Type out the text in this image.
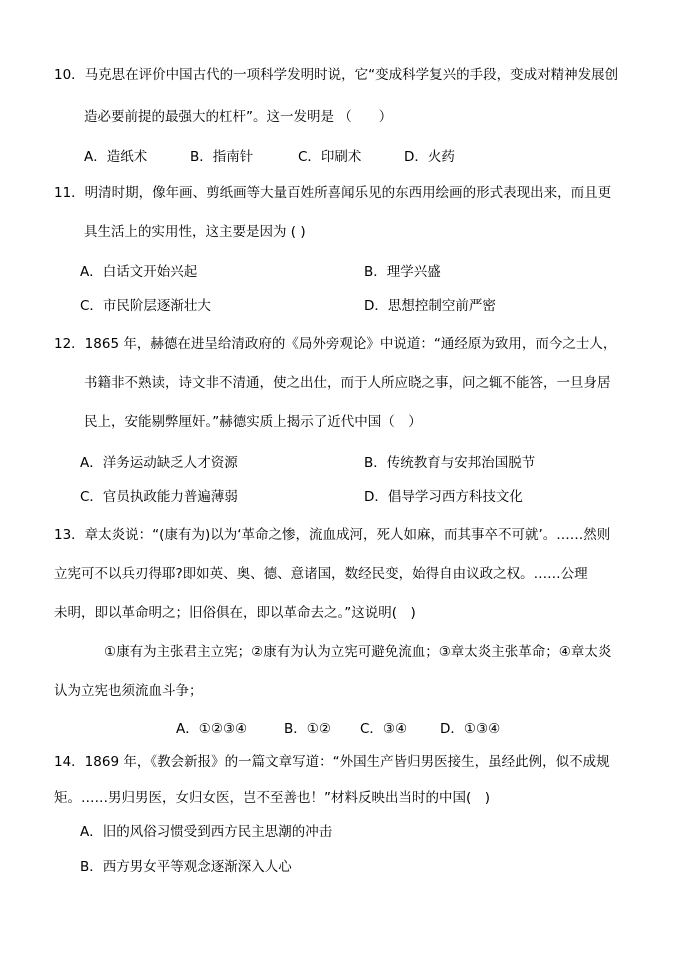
10．马克思在评价中国古代的一项科学发明时说，它“变成科学复兴的手段，变成对精神发展创
造必要前提的最强大的杠杆”。这一发明是 （　　）
A．造纸术	B．指南针	C．印刷术	D．火药
11．明清时期，像年画、剪纸画等大量百姓所喜闻乐见的东西用绘画的形式表现出来，而且更
具生活上的实用性，这主要是因为 ( )
A．白话文开始兴起	B．理学兴盛
C．市民阶层逐渐壮大	D．思想控制空前严密
12．1865 年，赫德在进呈给清政府的《局外旁观论》中说道：“通经原为致用，而今之士人，
书籍非不熟读，诗文非不清通，使之出仕，而于人所应晓之事，问之辄不能答，一旦身居
民上，安能剔弊厘奸。”赫德实质上揭示了近代中国（　）
A．洋务运动缺乏人才资源	B．传统教育与安邦治国脱节
C．官员执政能力普遍薄弱	D．倡导学习西方科技文化
13．章太炎说：“(康有为)以为‘革命之惨，流血成河，死人如麻，而其事卒不可就’。……然则
立宪可不以兵刃得耶?即如英、奥、德、意诸国，数经民变，始得自由议政之权。……公理
未明，即以革命明之；旧俗俱在，即以革命去之。”这说明(　)
①康有为主张君主立宪；②康有为认为立宪可避免流血；③章太炎主张革命；④章太炎
认为立宪也须流血斗争；
A．①②③④	B．①② C．③④ D．①③④
14．1869 年，《教会新报》的一篇文章写道：“外国生产皆归男医接生，虽经此例，似不成规
矩。……男归男医，女归女医，岂不至善也！”材料反映出当时的中国(　)
A．旧的风俗习惯受到西方民主思潮的冲击
B．西方男女平等观念逐渐深入人心
